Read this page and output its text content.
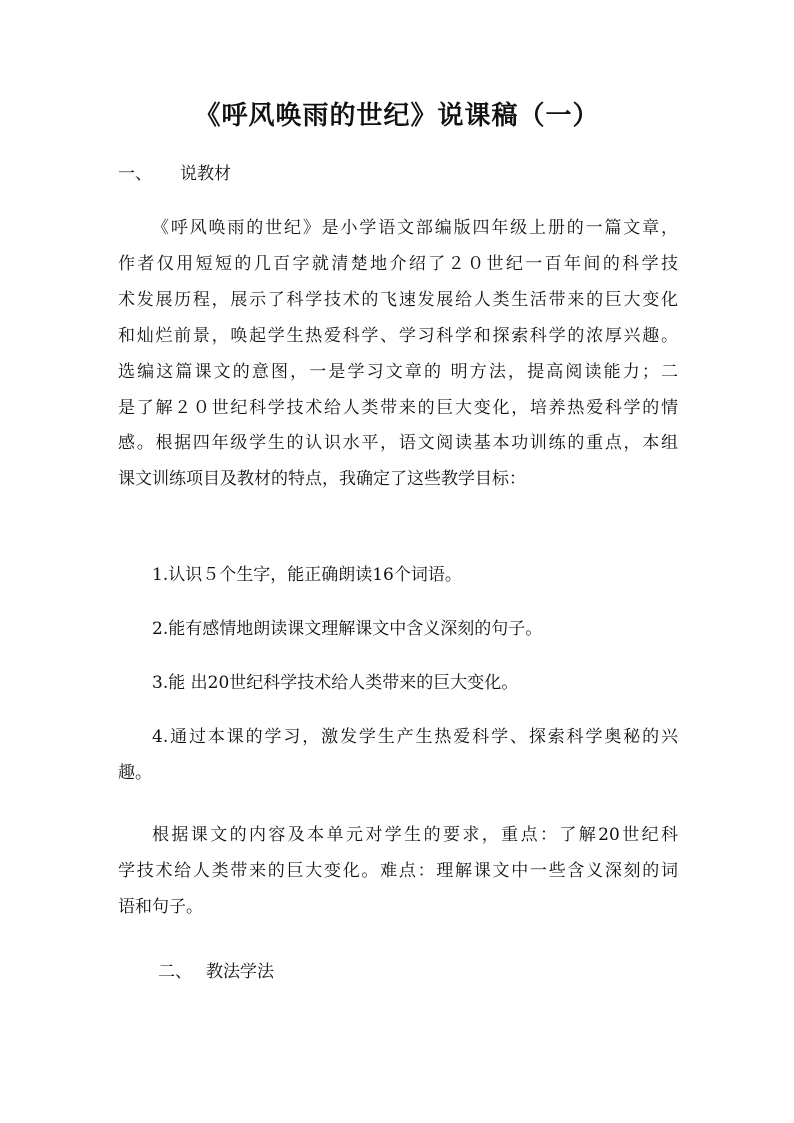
《呼风唤雨的世纪》说课稿（一）
一、 说教材
《呼风唤雨的世纪》是小学语文部编版四年级上册的一篇文章，
作者仅用短短的几百字就清楚地介绍了２０世纪一百年间的科学技
术发展历程，展示了科学技术的飞速发展给人类生活带来的巨大变化
和灿烂前景，唤起学生热爱科学、学习科学和探索科学的浓厚兴趣。
选编这篇课文的意图，一是学习文章的 明方法，提高阅读能力；二
是了解２０世纪科学技术给人类带来的巨大变化，培养热爱科学的情
感。根据四年级学生的认识水平，语文阅读基本功训练的重点，本组
课文训练项目及教材的特点，我确定了这些教学目标：
1.认识５个生字，能正确朗读16个词语。
2.能有感情地朗读课文理解课文中含义深刻的句子。
3.能 出20世纪科学技术给人类带来的巨大变化。
4.通过本课的学习，激发学生产生热爱科学、探索科学奥秘的兴
趣。
根据课文的内容及本单元对学生的要求，重点：了解20世纪科
学技术给人类带来的巨大变化。难点：理解课文中一些含义深刻的词
语和句子。
二、 教法学法
